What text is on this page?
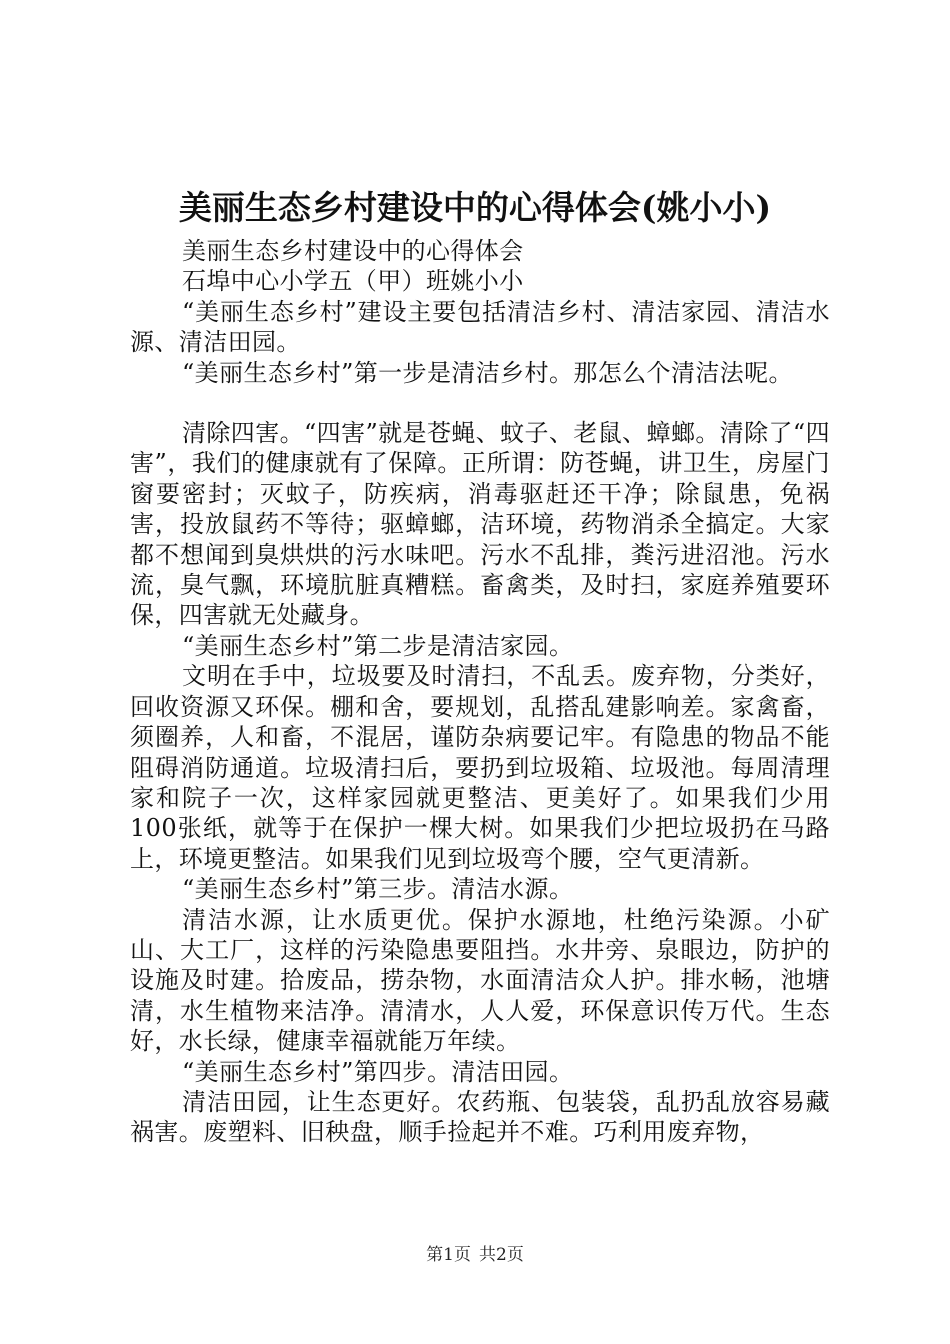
美丽生态乡村建设中的心得体会(姚小小)

美丽生态乡村建设中的心得体会

石埠中心小学五（甲）班姚小小

“美丽生态乡村”建设主要包括清洁乡村、清洁家园、清洁水源、清洁田园。

“美丽生态乡村”第一步是清洁乡村。那怎么个清洁法呢。

清除四害。“四害”就是苍蝇、蚊子、老鼠、蟑螂。清除了“四害”，我们的健康就有了保障。正所谓：防苍蝇，讲卫生，房屋门窗要密封；灭蚊子，防疾病，消毒驱赶还干净；除鼠患，免祸害，投放鼠药不等待；驱蟑螂，洁环境，药物消杀全搞定。大家都不想闻到臭烘烘的污水味吧。污水不乱排，粪污进沼池。污水流，臭气飘，环境肮脏真糟糕。畜禽类，及时扫，家庭养殖要环保，四害就无处藏身。

“美丽生态乡村”第二步是清洁家园。

文明在手中，垃圾要及时清扫，不乱丢。废弃物，分类好，回收资源又环保。棚和舍，要规划，乱搭乱建影响差。家禽畜，须圈养，人和畜，不混居，谨防杂病要记牢。有隐患的物品不能阻碍消防通道。垃圾清扫后，要扔到垃圾箱、垃圾池。每周清理家和院子一次，这样家园就更整洁、更美好了。如果我们少用100张纸，就等于在保护一棵大树。如果我们少把垃圾扔在马路上，环境更整洁。如果我们见到垃圾弯个腰，空气更清新。

“美丽生态乡村”第三步。清洁水源。

清洁水源，让水质更优。保护水源地，杜绝污染源。小矿山、大工厂，这样的污染隐患要阻挡。水井旁、泉眼边，防护的设施及时建。拾废品，捞杂物，水面清洁众人护。排水畅，池塘清，水生植物来洁净。清清水，人人爱，环保意识传万代。生态好，水长绿，健康幸福就能万年续。

“美丽生态乡村”第四步。清洁田园。

清洁田园，让生态更好。农药瓶、包装袋，乱扔乱放容易藏祸害。废塑料、旧秧盘，顺手捡起并不难。巧利用废弃物，

第1页 共2页
